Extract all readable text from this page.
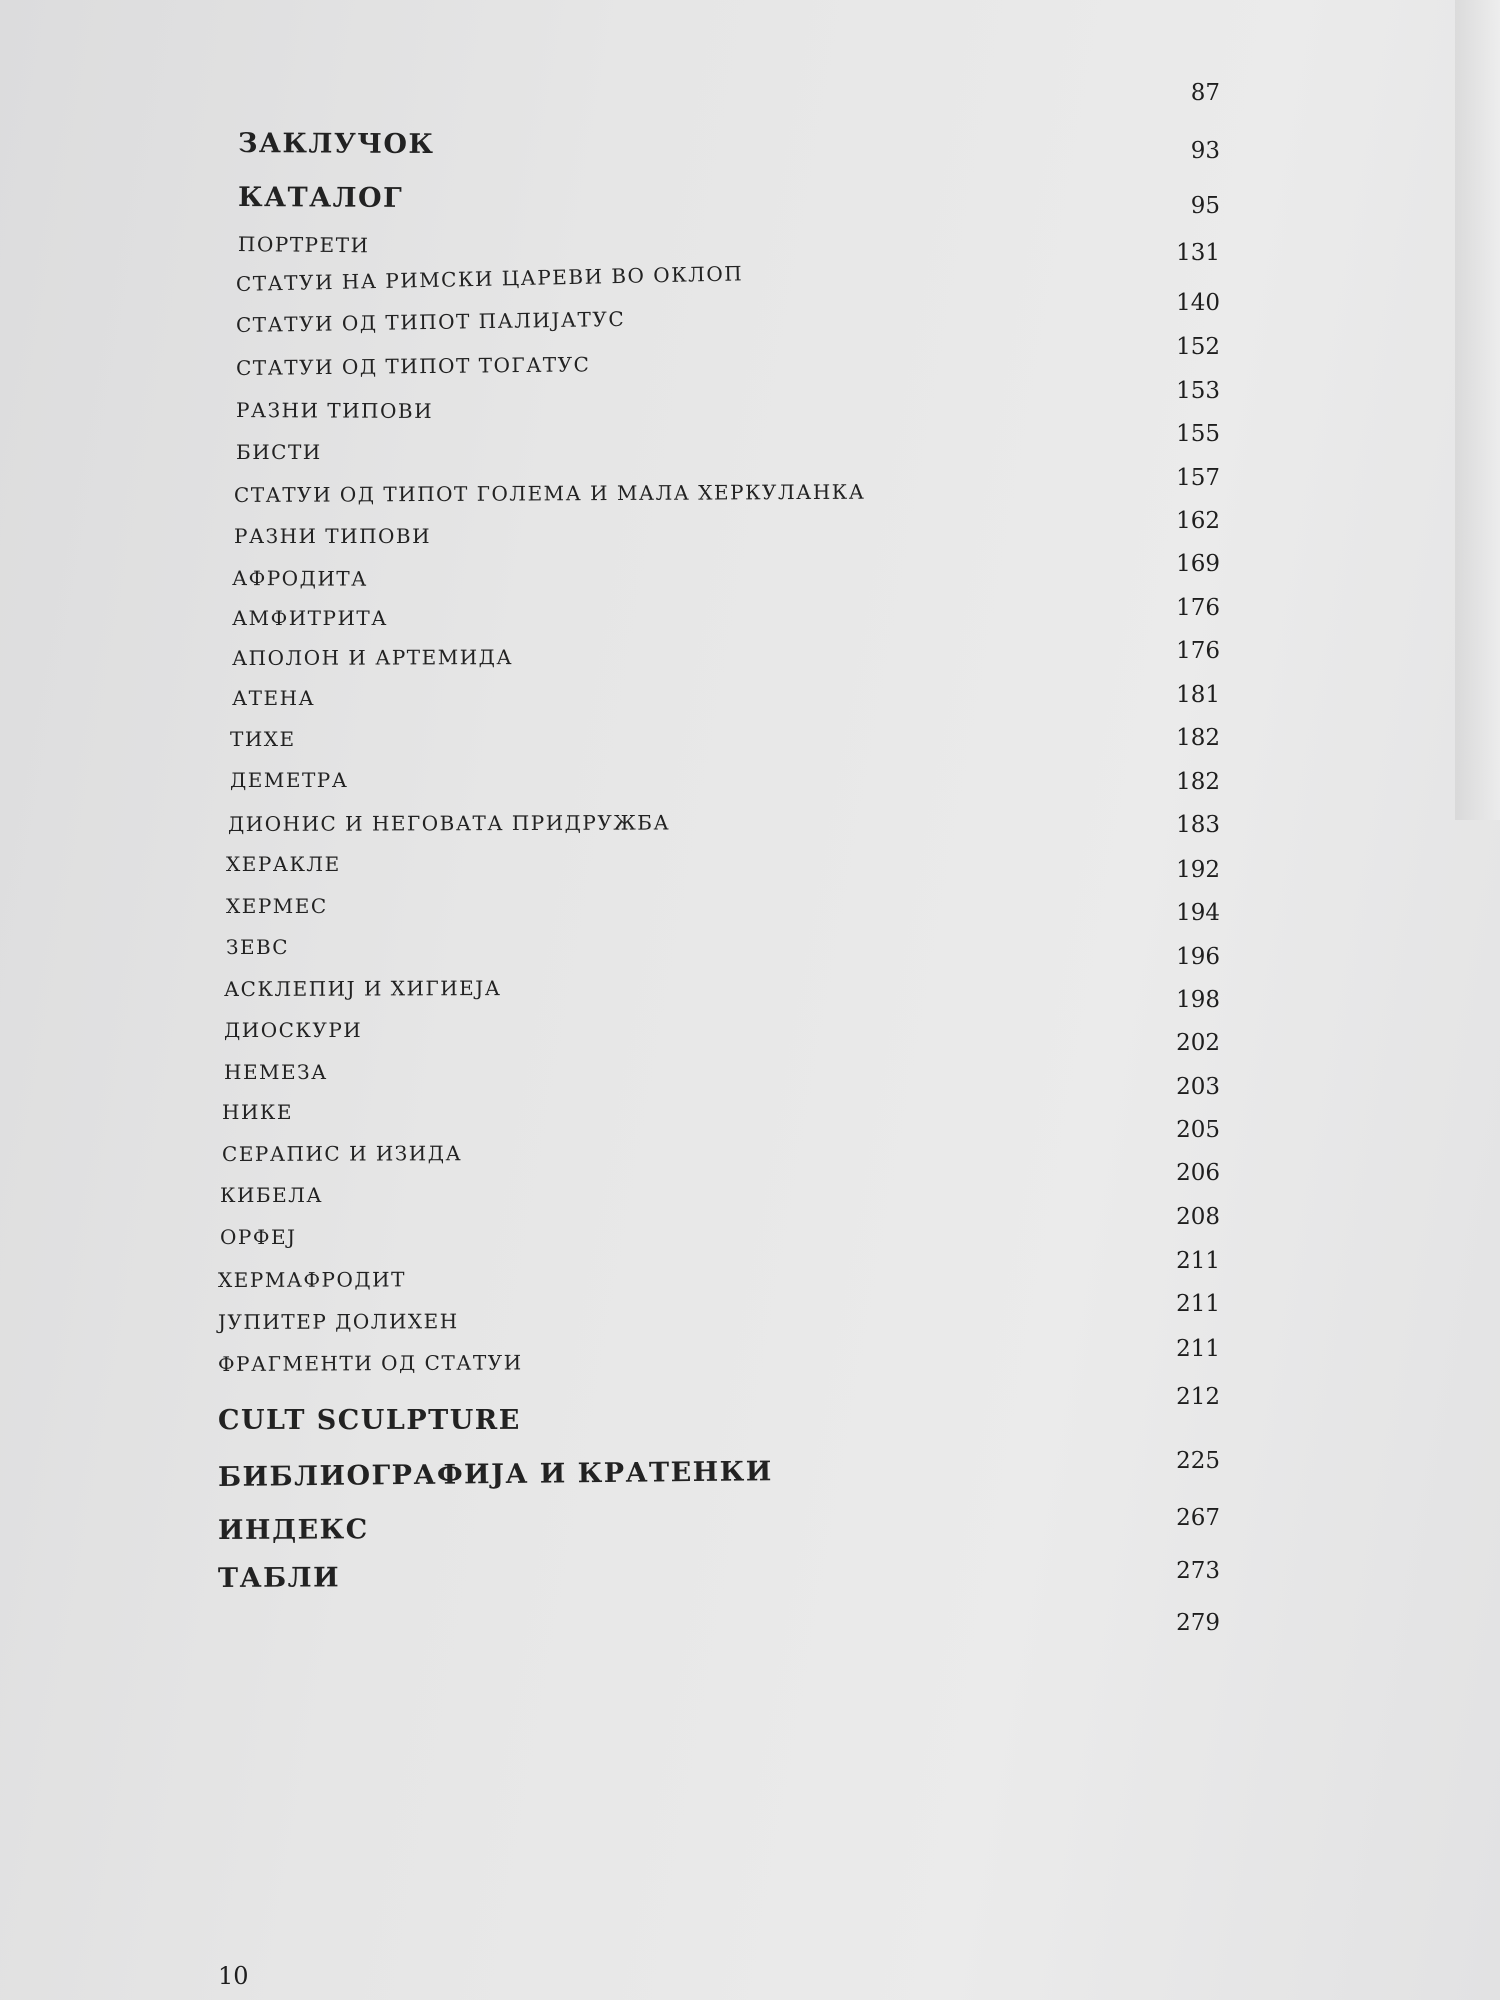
ЗАКЛУЧОК
КАТАЛОГ
ПОРТРЕТИ
СТАТУИ НА РИМСКИ ЦАРЕВИ ВО ОКЛОП
СТАТУИ ОД ТИПОТ ПАЛИЈАТУС
СТАТУИ ОД ТИПОТ ТОГАТУС
РАЗНИ ТИПОВИ
БИСТИ
СТАТУИ ОД ТИПОТ ГОЛЕМА И МАЛА ХЕРКУЛАНКА
РАЗНИ ТИПОВИ
АФРОДИТА
АМФИТРИТА
АПОЛОН И АРТЕМИДА
АТЕНА
ТИХЕ
ДЕМЕТРА
ДИОНИС И НЕГОВАТА ПРИДРУЖБА
ХЕРАКЛЕ
ХЕРМЕС
ЗЕВС
АСКЛЕПИЈ И ХИГИЕЈА
ДИОСКУРИ
НЕМЕЗА
НИКЕ
СЕРАПИС И ИЗИДА
КИБЕЛА
ОРФЕЈ
ХЕРМАФРОДИТ
ЈУПИТЕР ДОЛИХЕН
ФРАГМЕНТИ ОД СТАТУИ
CULT SCULPTURE
БИБЛИОГРАФИЈА И КРАТЕНКИ
ИНДЕКС
ТАБЛИ
87
93
95
131
140
152
153
155
157
162
169
176
176
181
182
182
183
192
194
196
198
202
203
205
206
208
211
211
211
212
225
267
273
279
10
